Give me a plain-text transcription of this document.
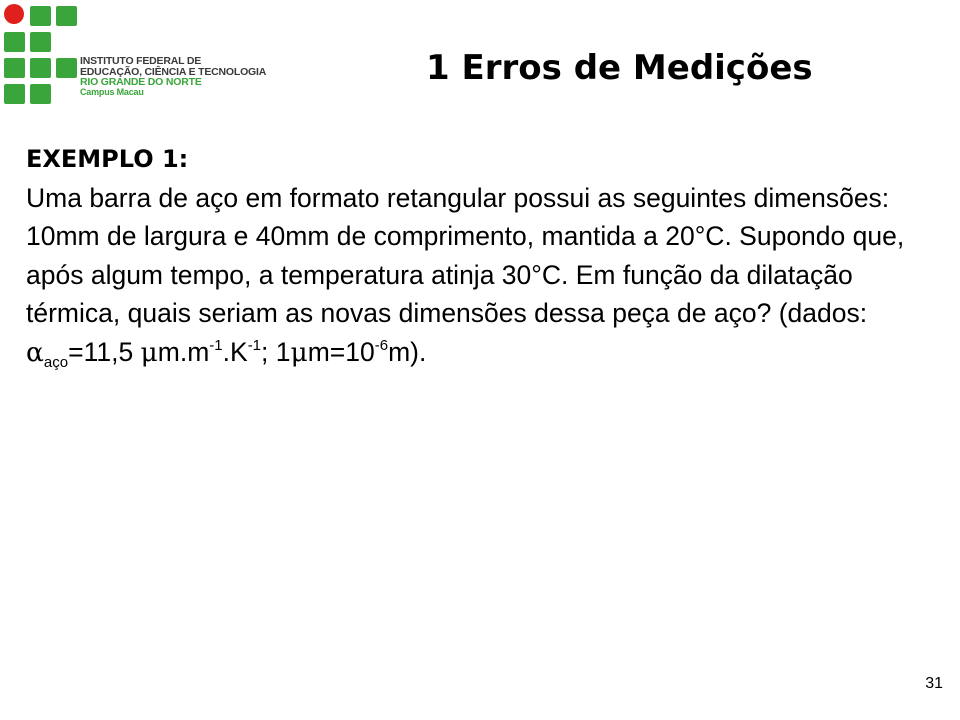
INSTITUTO FEDERAL DE
EDUCAÇÃO, CIÊNCIA E TECNOLOGIA
RIO GRANDE DO NORTE
Campus Macau
1 Erros de Medições
EXEMPLO 1:
Uma barra de aço em formato retangular possui as seguintes dimensões: 10mm de largura e 40mm de comprimento, mantida a 20°C. Supondo que, após algum tempo, a temperatura atinja 30°C. Em função da dilatação térmica, quais seriam as novas dimensões dessa peça de aço? (dados:
$\alpha_{aço}=11,5$ $\mu m.m^{-1}.K^{-1}$; $1\mu m=10^{-6}m$).
31
